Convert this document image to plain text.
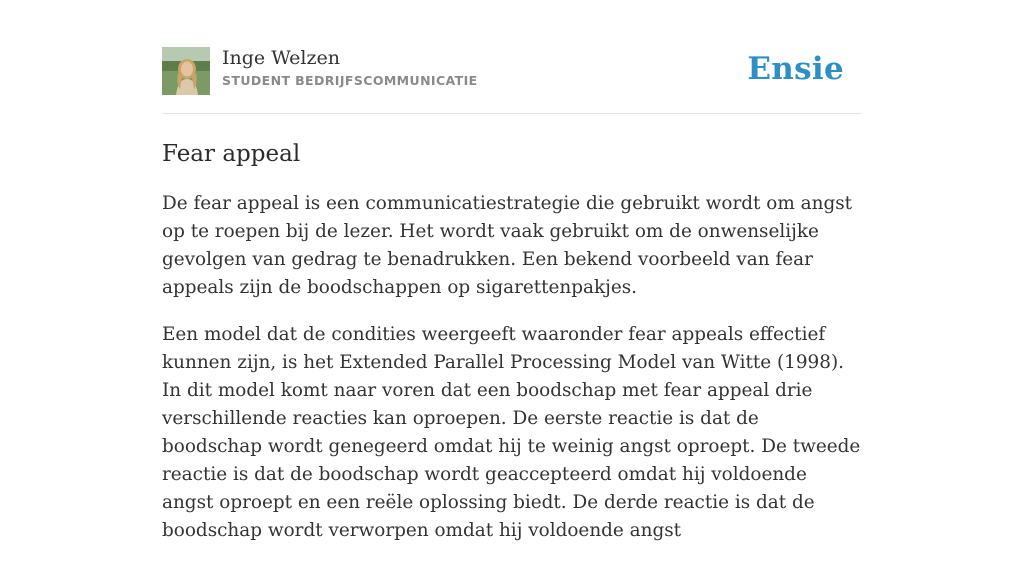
Inge Welzen
STUDENT BEDRIJFSCOMMUNICATIE	Ensie
Fear appeal

De fear appeal is een communicatiestrategie die gebruikt wordt om angst op te roepen bij de lezer. Het wordt vaak gebruikt om de onwenselijke gevolgen van gedrag te benadrukken. Een bekend voorbeeld van fear appeals zijn de boodschappen op sigarettenpakjes.

Een model dat de condities weergeeft waaronder fear appeals effectief kunnen zijn, is het Extended Parallel Processing Model van Witte (1998). In dit model komt naar voren dat een boodschap met fear appeal drie verschillende reacties kan oproepen. De eerste reactie is dat de boodschap wordt genegeerd omdat hij te weinig angst oproept. De tweede reactie is dat de boodschap wordt geaccepteerd omdat hij voldoende angst oproept en een reële oplossing biedt. De derde reactie is dat de boodschap wordt verworpen omdat hij voldoende angst
